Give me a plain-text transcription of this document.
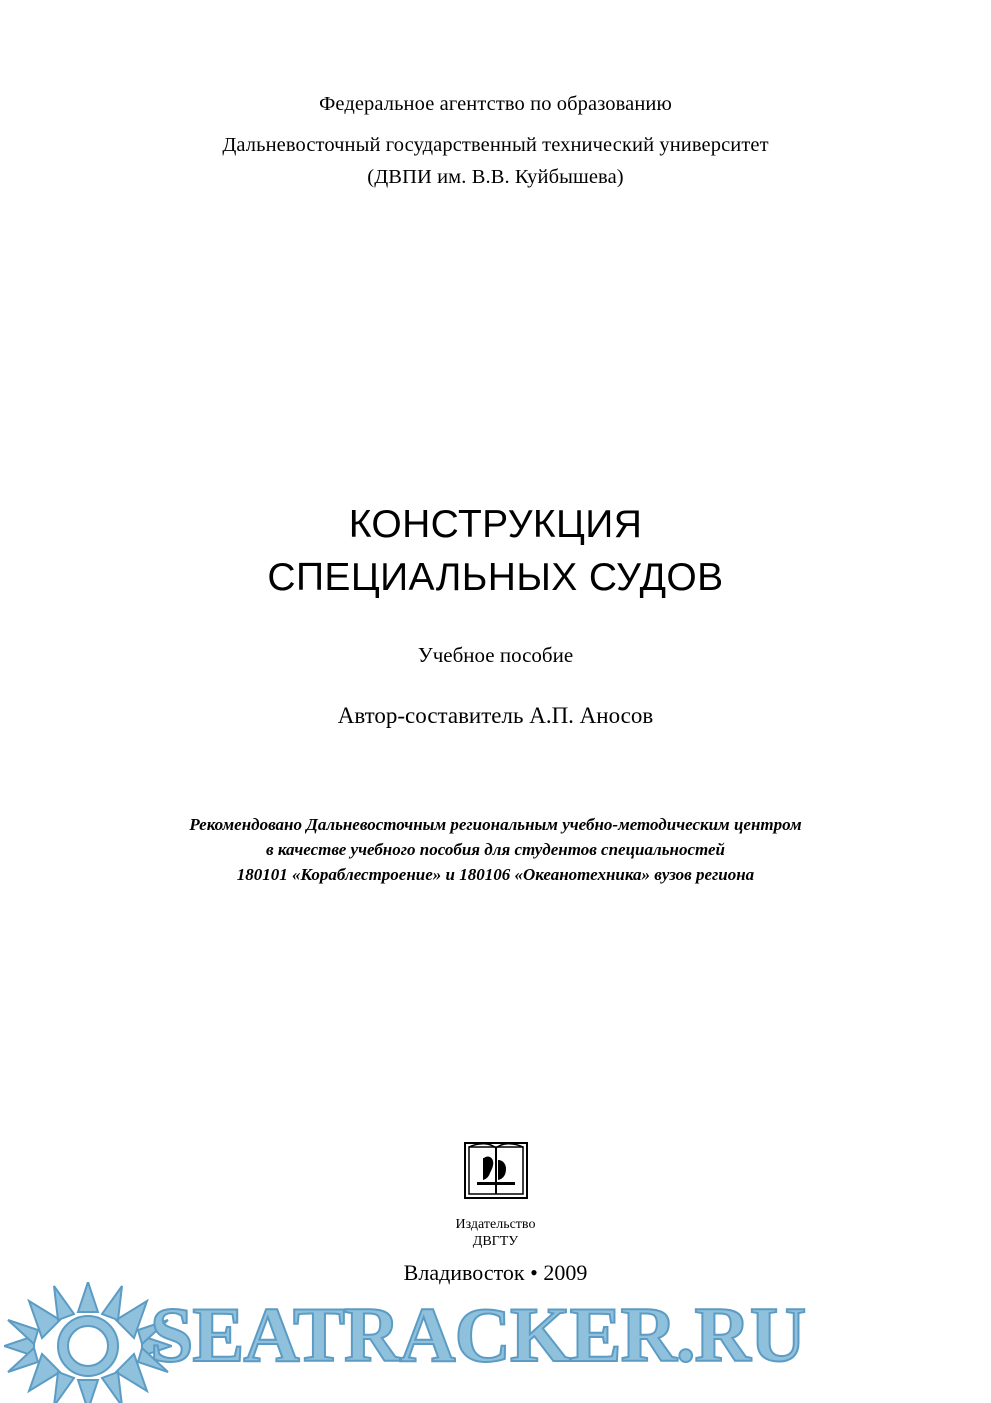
Федеральное агентство по образованию
Дальневосточный государственный технический университет
(ДВПИ им. В.В. Куйбышева)
КОНСТРУКЦИЯ
СПЕЦИАЛЬНЫХ СУДОВ
Учебное пособие
Автор-составитель А.П. Аносов
Рекомендовано Дальневосточным региональным учебно-методическим центром
в качестве учебного пособия для студентов специальностей
180101 «Кораблестроение» и 180106 «Океанотехника» вузов региона
Издательство
ДВГТУ
Владивосток • 2009
SEATRACKER.RU
